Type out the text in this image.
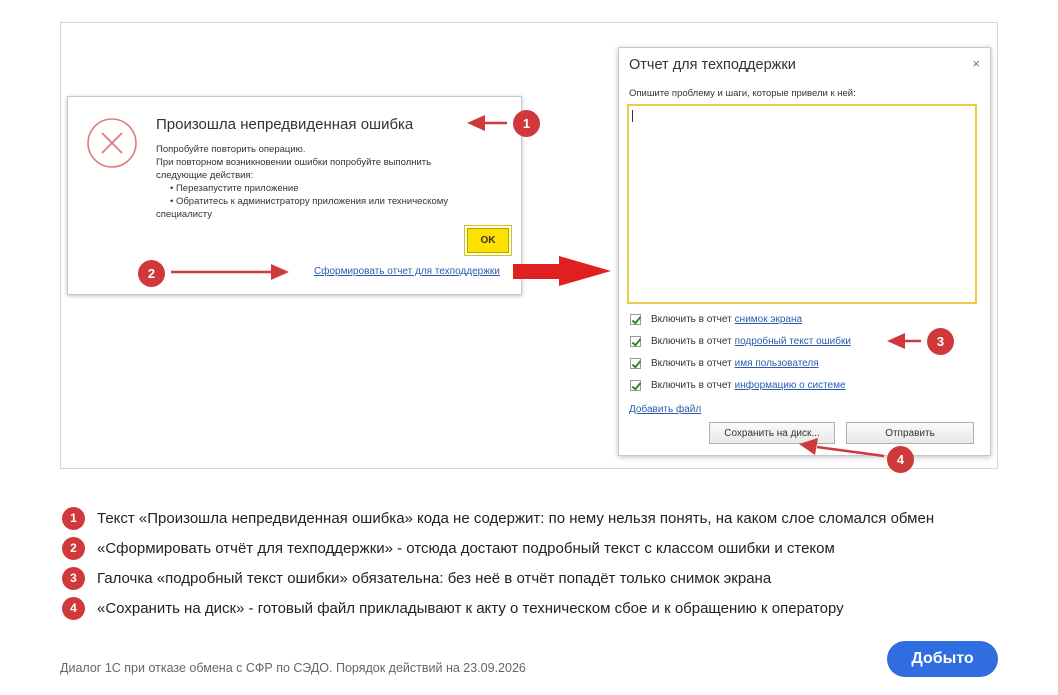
Произошла непредвиденная ошибка
Попробуйте повторить операцию.
При повторном возникновении ошибки попробуйте выполнить
следующие действия:
• Перезапустите приложение
• Обратитесь к администратору приложения или техническому
специалисту
OK
Сформировать отчет для техподдержки
Отчет для техподдержки	×
Опишите проблему и шаги, которые привели к ней:
Включить в отчет снимок экрана
Включить в отчет подробный текст ошибки
Включить в отчет имя пользователя
Включить в отчет информацию о системе
Добавить файл
Сохранить на диск...	Отправить
1
2
3
4
1	Текст «Произошла непредвиденная ошибка» кода не содержит: по нему нельзя понять, на каком слое сломался обмен
2	«Сформировать отчёт для техподдержки» - отсюда достают подробный текст с классом ошибки и стеком
3	Галочка «подробный текст ошибки» обязательна: без неё в отчёт попадёт только снимок экрана
4	«Сохранить на диск» - готовый файл прикладывают к акту о техническом сбое и к обращению к оператору
Диалог 1С при отказе обмена с СФР по СЭДО. Порядок действий на 23.09.2026
Добыто
